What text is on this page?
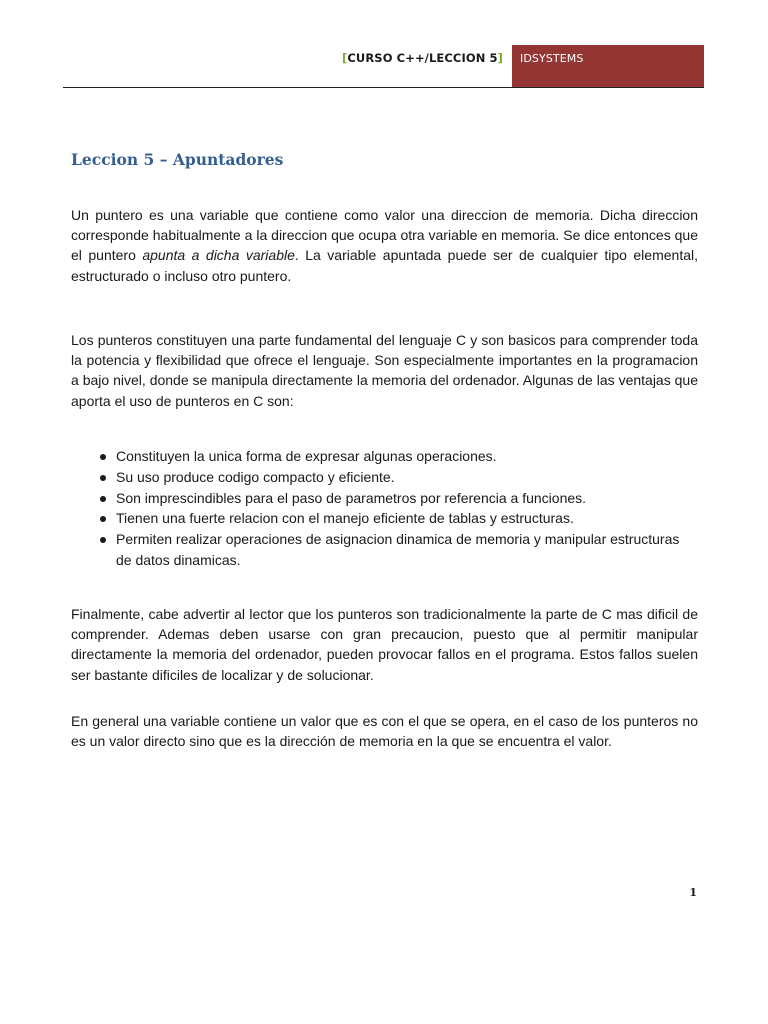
[CURSO C++/LECCION 5] IDSYSTEMS
Leccion 5 – Apuntadores

Un puntero es una variable que contiene como valor una direccion de memoria. Dicha direccion corresponde habitualmente a la direccion que ocupa otra variable en memoria. Se dice entonces que el puntero apunta a dicha variable. La variable apuntada puede ser de cualquier tipo elemental, estructurado o incluso otro puntero.

Los punteros constituyen una parte fundamental del lenguaje C y son basicos para comprender toda la potencia y flexibilidad que ofrece el lenguaje. Son especialmente importantes en la programacion a bajo nivel, donde se manipula directamente la memoria del ordenador. Algunas de las ventajas que aporta el uso de punteros en C son:

Constituyen la unica forma de expresar algunas operaciones.
Su uso produce codigo compacto y eficiente.
Son imprescindibles para el paso de parametros por referencia a funciones.
Tienen una fuerte relacion con el manejo eficiente de tablas y estructuras.
Permiten realizar operaciones de asignacion dinamica de memoria y manipular estructuras de datos dinamicas.

Finalmente, cabe advertir al lector que los punteros son tradicionalmente la parte de C mas dificil de comprender. Ademas deben usarse con gran precaucion, puesto que al permitir manipular directamente la memoria del ordenador, pueden provocar fallos en el programa. Estos fallos suelen ser bastante dificiles de localizar y de solucionar.

En general una variable contiene un valor que es con el que se opera, en el caso de los punteros no es un valor directo sino que es la dirección de memoria en la que se encuentra el valor.

1
